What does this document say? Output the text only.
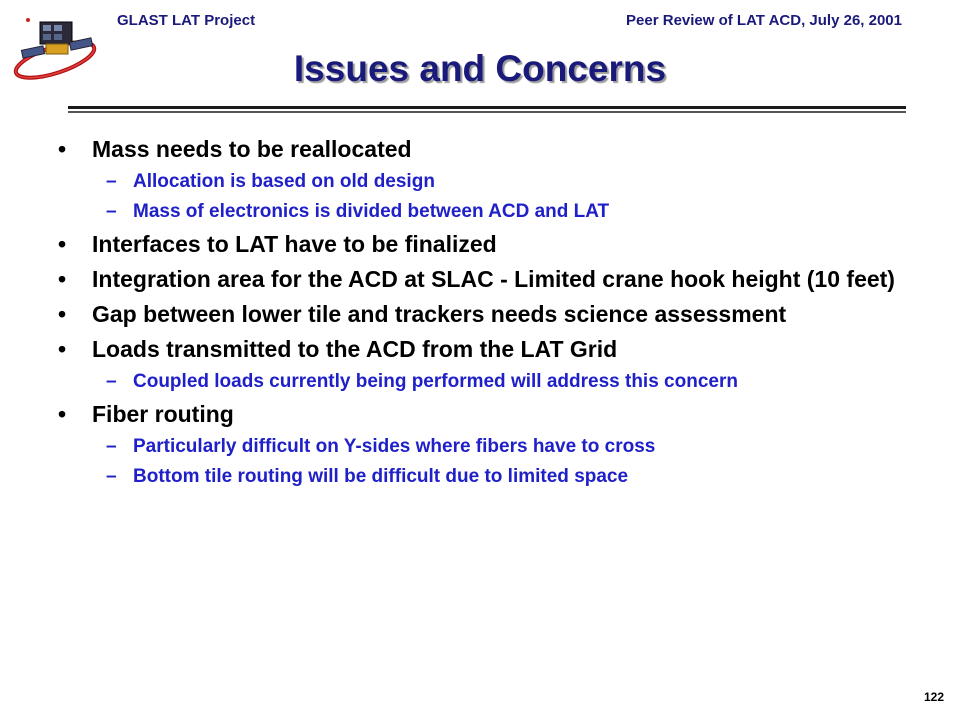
GLAST LAT Project	Peer Review of LAT ACD, July 26, 2001
Issues and Concerns
• Mass needs to be reallocated
– Allocation is based on old design
– Mass of electronics is divided between ACD and LAT
• Interfaces to LAT have to be finalized
• Integration area for the ACD at SLAC - Limited crane hook height (10 feet)
• Gap between lower tile and trackers needs science assessment
• Loads transmitted to the ACD from the LAT Grid
– Coupled loads currently being performed will address this concern
• Fiber routing
– Particularly difficult on Y-sides where fibers have to cross
– Bottom tile routing will be difficult due to limited space
122
